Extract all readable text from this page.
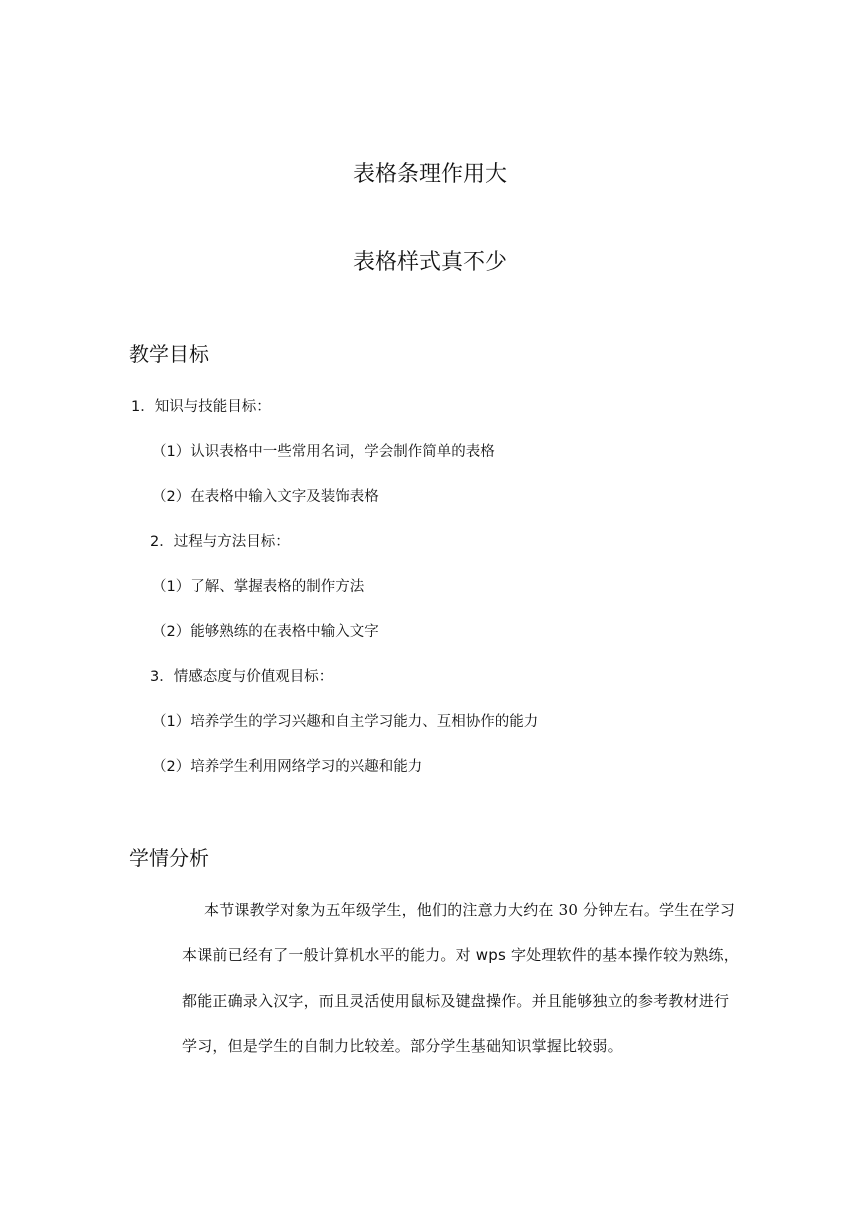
表格条理作用大
表格样式真不少
教学目标
1．知识与技能目标：
（1）认识表格中一些常用名词，学会制作简单的表格
（2）在表格中输入文字及装饰表格
2．过程与方法目标：
（1）了解、掌握表格的制作方法
（2）能够熟练的在表格中输入文字
3．情感态度与价值观目标：
（1）培养学生的学习兴趣和自主学习能力、互相协作的能力
（2）培养学生利用网络学习的兴趣和能力
学情分析
本节课教学对象为五年级学生，他们的注意力大约在 30 分钟左右。学生在学习
本课前已经有了一般计算机水平的能力。对 wps 字处理软件的基本操作较为熟练，
都能正确录入汉字，而且灵活使用鼠标及键盘操作。并且能够独立的参考教材进行
学习，但是学生的自制力比较差。部分学生基础知识掌握比较弱。
